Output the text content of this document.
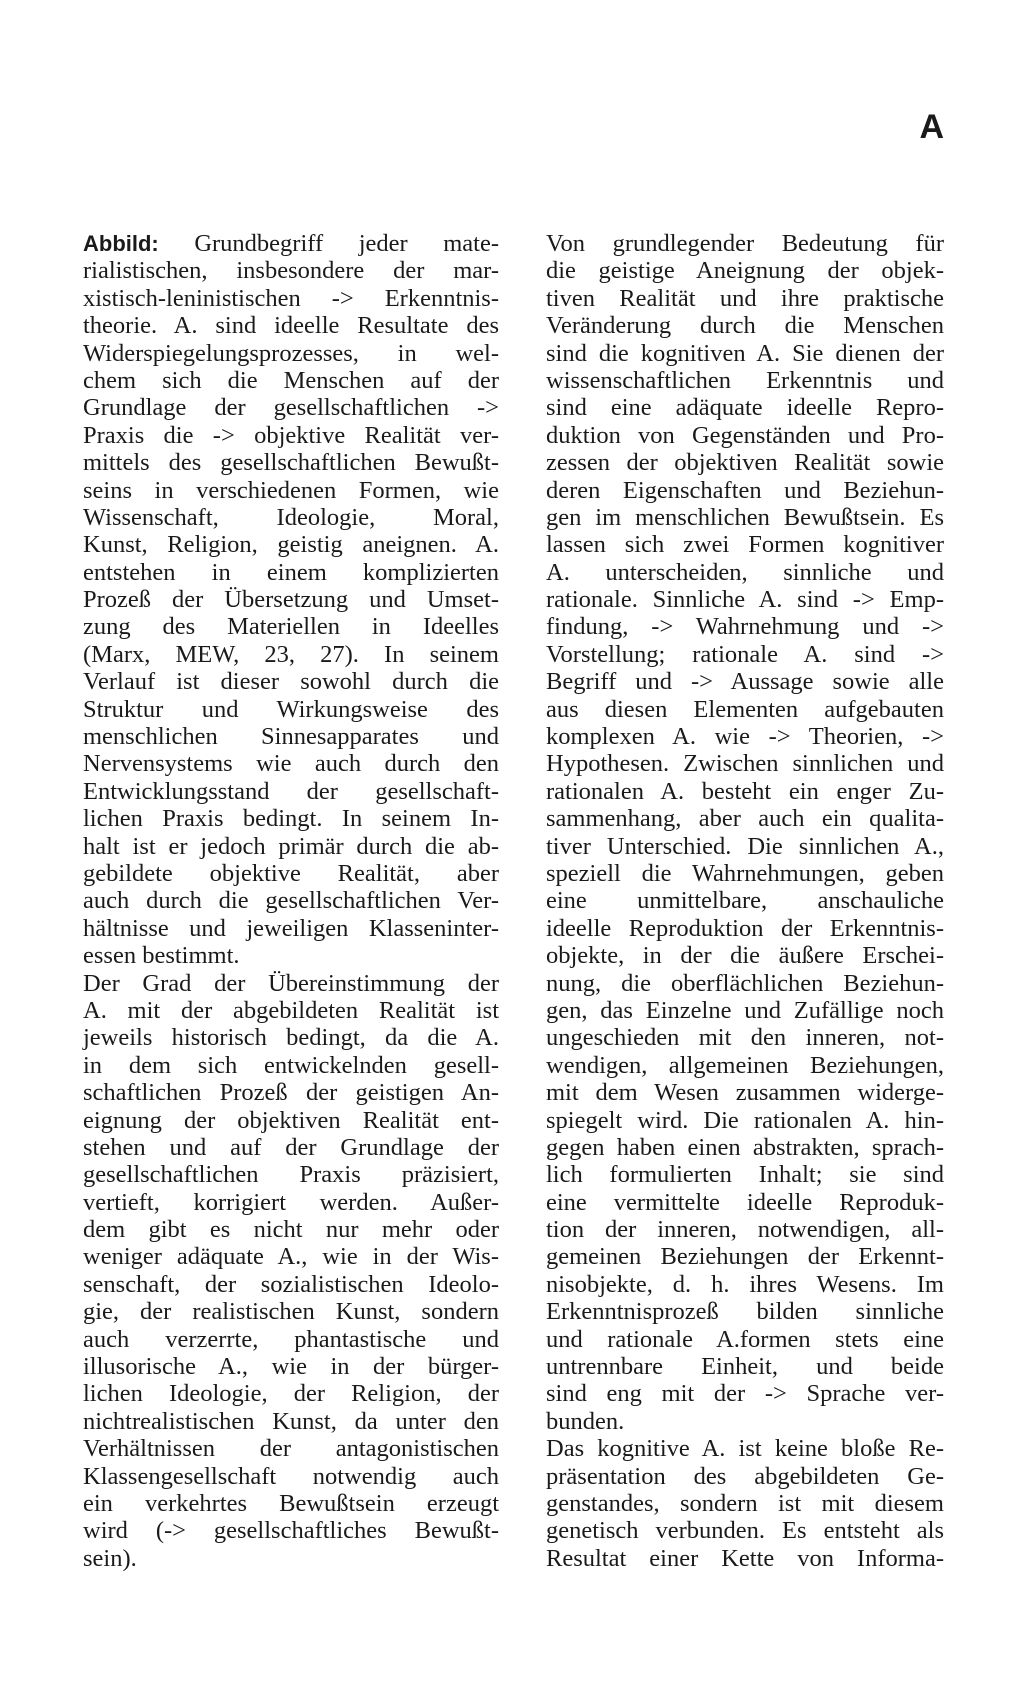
A
Abbild: Grundbegriff jeder mate-
rialistischen, insbesondere der mar-
xistisch-leninistischen -> Erkenntnis-
theorie. A. sind ideelle Resultate des
Widerspiegelungsprozesses, in wel-
chem sich die Menschen auf der
Grundlage der gesellschaftlichen ->
Praxis die -> objektive Realität ver-
mittels des gesellschaftlichen Bewußt-
seins in verschiedenen Formen, wie
Wissenschaft, Ideologie, Moral,
Kunst, Religion, geistig aneignen. A.
entstehen in einem komplizierten
Prozeß der Übersetzung und Umset-
zung des Materiellen in Ideelles
(Marx, MEW, 23, 27). In seinem
Verlauf ist dieser sowohl durch die
Struktur und Wirkungsweise des
menschlichen Sinnesapparates und
Nervensystems wie auch durch den
Entwicklungsstand der gesellschaft-
lichen Praxis bedingt. In seinem In-
halt ist er jedoch primär durch die ab-
gebildete objektive Realität, aber
auch durch die gesellschaftlichen Ver-
hältnisse und jeweiligen Klasseninter-
essen bestimmt.
Der Grad der Übereinstimmung der
A. mit der abgebildeten Realität ist
jeweils historisch bedingt, da die A.
in dem sich entwickelnden gesell-
schaftlichen Prozeß der geistigen An-
eignung der objektiven Realität ent-
stehen und auf der Grundlage der
gesellschaftlichen Praxis präzisiert,
vertieft, korrigiert werden. Außer-
dem gibt es nicht nur mehr oder
weniger adäquate A., wie in der Wis-
senschaft, der sozialistischen Ideolo-
gie, der realistischen Kunst, sondern
auch verzerrte, phantastische und
illusorische A., wie in der bürger-
lichen Ideologie, der Religion, der
nichtrealistischen Kunst, da unter den
Verhältnissen der antagonistischen
Klassengesellschaft notwendig auch
ein verkehrtes Bewußtsein erzeugt
wird (-> gesellschaftliches Bewußt-
sein).
Von grundlegender Bedeutung für
die geistige Aneignung der objek-
tiven Realität und ihre praktische
Veränderung durch die Menschen
sind die kognitiven A. Sie dienen der
wissenschaftlichen Erkenntnis und
sind eine adäquate ideelle Repro-
duktion von Gegenständen und Pro-
zessen der objektiven Realität sowie
deren Eigenschaften und Beziehun-
gen im menschlichen Bewußtsein. Es
lassen sich zwei Formen kognitiver
A. unterscheiden, sinnliche und
rationale. Sinnliche A. sind -> Emp-
findung, -> Wahrnehmung und ->
Vorstellung; rationale A. sind ->
Begriff und -> Aussage sowie alle
aus diesen Elementen aufgebauten
komplexen A. wie -> Theorien, ->
Hypothesen. Zwischen sinnlichen und
rationalen A. besteht ein enger Zu-
sammenhang, aber auch ein qualita-
tiver Unterschied. Die sinnlichen A.,
speziell die Wahrnehmungen, geben
eine unmittelbare, anschauliche
ideelle Reproduktion der Erkenntnis-
objekte, in der die äußere Erschei-
nung, die oberflächlichen Beziehun-
gen, das Einzelne und Zufällige noch
ungeschieden mit den inneren, not-
wendigen, allgemeinen Beziehungen,
mit dem Wesen zusammen widerge-
spiegelt wird. Die rationalen A. hin-
gegen haben einen abstrakten, sprach-
lich formulierten Inhalt; sie sind
eine vermittelte ideelle Reproduk-
tion der inneren, notwendigen, all-
gemeinen Beziehungen der Erkennt-
nisobjekte, d. h. ihres Wesens. Im
Erkenntnisprozeß bilden sinnliche
und rationale A.formen stets eine
untrennbare Einheit, und beide
sind eng mit der -> Sprache ver-
bunden.
Das kognitive A. ist keine bloße Re-
präsentation des abgebildeten Ge-
genstandes, sondern ist mit diesem
genetisch verbunden. Es entsteht als
Resultat einer Kette von Informa-
